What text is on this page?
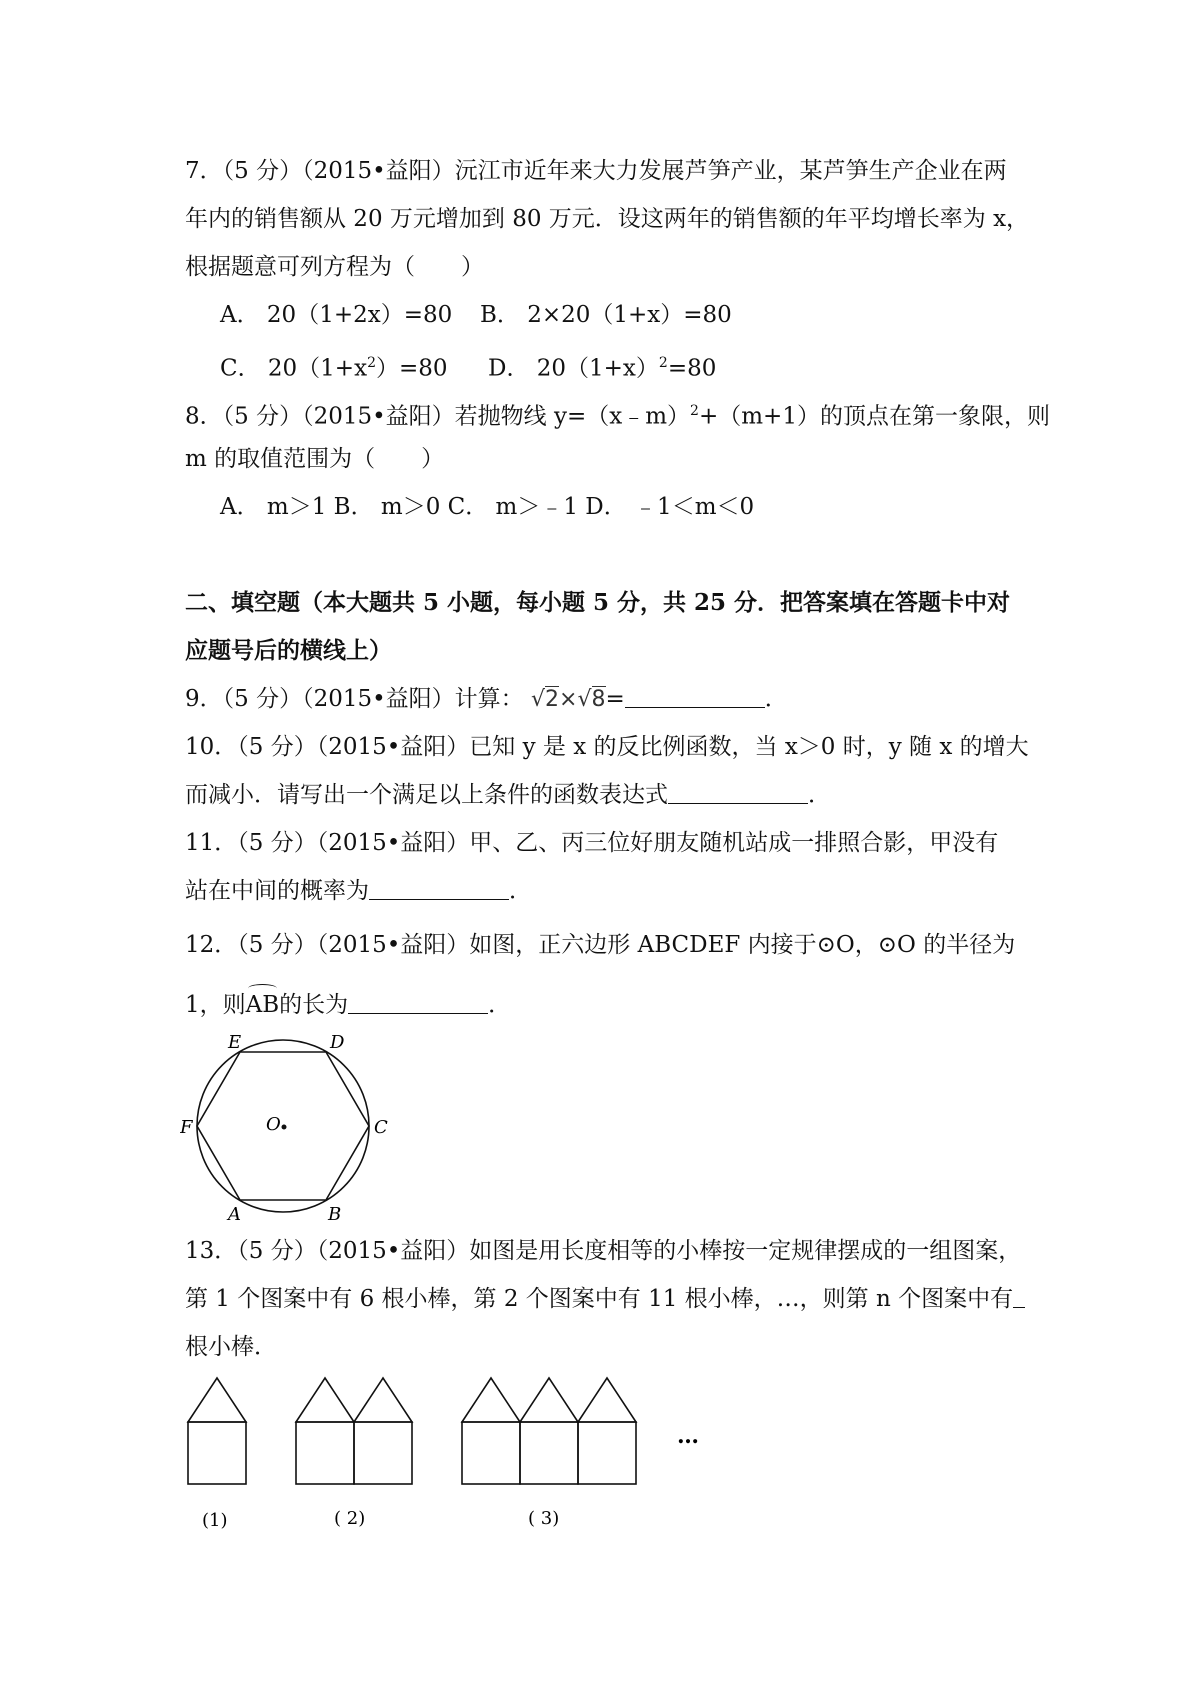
7．（5 分）（2015•益阳）沅江市近年来大力发展芦笋产业，某芦笋生产企业在两
年内的销售额从 20 万元增加到 80 万元．设这两年的销售额的年平均增长率为 x，
根据题意可列方程为（　　）
A． 20（1+2x）=80 B． 2×20（1+x）=80
C． $20(1+x^2)=80$ D． $20(1+x)^2=80$
8．（5 分）（2015•益阳）若抛物线 y=（x﹣m）$^2$+（m+1）的顶点在第一象限，则
m 的取值范围为（　　）
A． m＞1 B． m＞0 C． m＞﹣1 D． ﹣1＜m＜0
二、填空题（本大题共 5 小题，每小题 5 分，共 25 分．把答案填在答题卡中对
应题号后的横线上）
9．（5 分）（2015•益阳）计算： √2×√8=	．
10．（5 分）（2015•益阳）已知 y 是 x 的反比例函数，当 x＞0 时，y 随 x 的增大
而减小．请写出一个满足以上条件的函数表达式	．
11．（5 分）（2015•益阳）甲、乙、丙三位好朋友随机站成一排照合影，甲没有
站在中间的概率为	．
12．（5 分）（2015•益阳）如图，正六边形 ABCDEF 内接于⊙O，⊙O 的半径为
1，则AB的长为	．
O
A	B
C
D
E
F
13．（5 分）（2015•益阳）如图是用长度相等的小棒按一定规律摆成的一组图案，
第 1 个图案中有 6 根小棒，第 2 个图案中有 11 根小棒，…，则第 n 个图案中有
根小棒．
…
(1)	( 2)	( 3)
